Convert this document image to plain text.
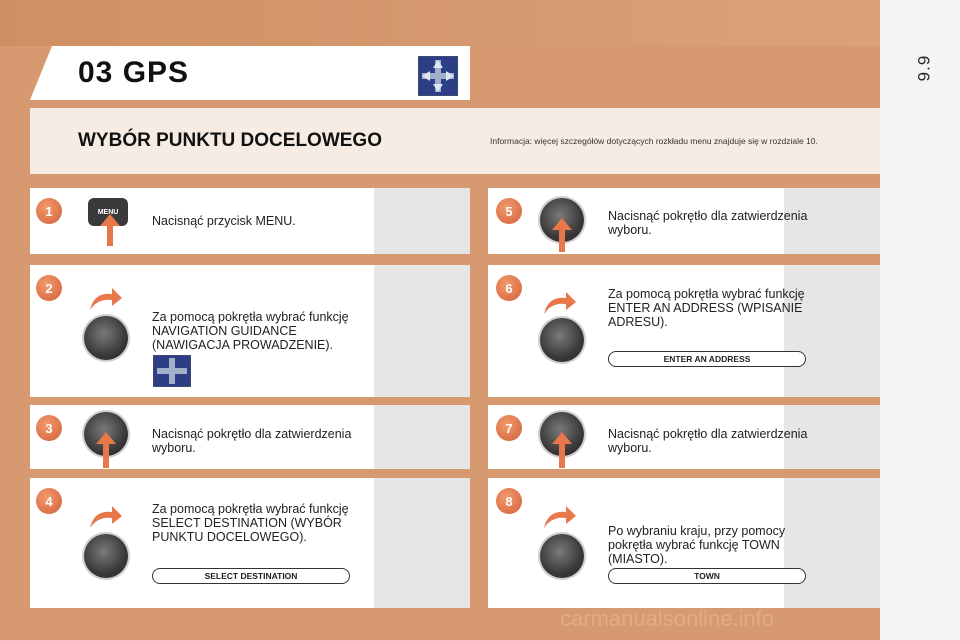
9.9
03 GPS
WYBÓR PUNKTU DOCELOWEGO	Informacja: więcej szczegółów dotyczących rozkładu menu znajduje się w rozdziale 10.
1	MENU
Nacisnąć przycisk MENU.
2
Za pomocą pokrętła wybrać funkcję NAVIGATION GUIDANCE (NAWIGACJA PROWADZENIE).
3	Nacisnąć pokrętło dla zatwierdzenia wyboru.
4
Za pomocą pokrętła wybrać funkcję SELECT DESTINATION (WYBÓR PUNKTU DOCELOWEGO).
SELECT DESTINATION
5	Nacisnąć pokrętło dla zatwierdzenia wyboru.
6	Za pomocą pokrętła wybrać funkcję ENTER AN ADDRESS (WPISANIE ADRESU).
ENTER AN ADDRESS
7	Nacisnąć pokrętło dla zatwierdzenia wyboru.
8
Po wybraniu kraju, przy pomocy pokrętła wybrać funkcję TOWN (MIASTO).
TOWN
carmanualsonline.info
